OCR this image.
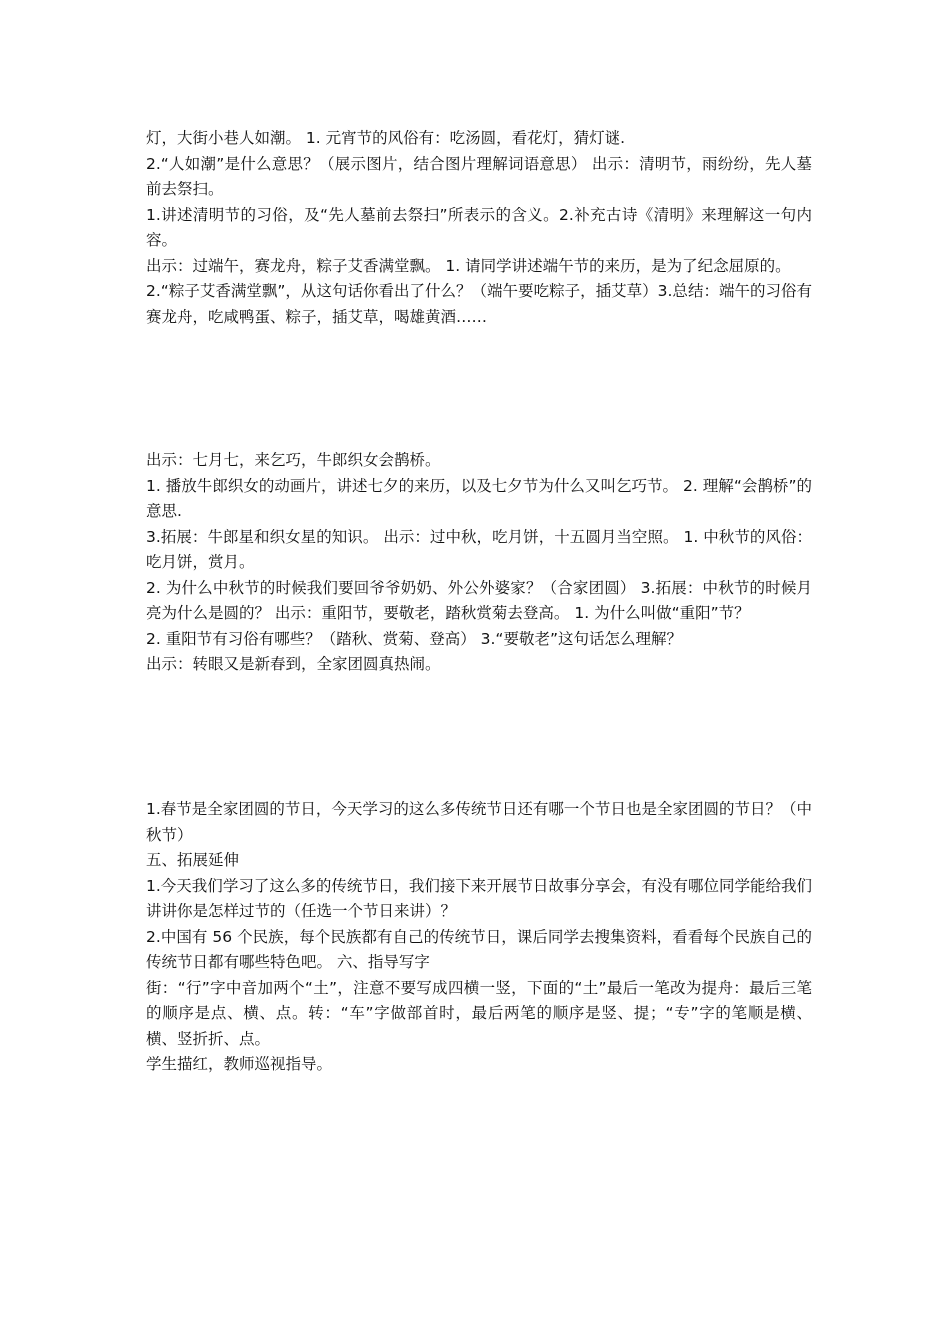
灯，大街小巷人如潮。 1. 元宵节的风俗有：吃汤圆，看花灯，猜灯谜.

2.“人如潮”是什么意思？（展示图片，结合图片理解词语意思） 出示：清明节，雨纷纷，先人墓前去祭扫。

1.讲述清明节的习俗，及“先人墓前去祭扫”所表示的含义。2.补充古诗《清明》来理解这一句内容。

出示：过端午，赛龙舟，粽子艾香满堂飘。 1. 请同学讲述端午节的来历，是为了纪念屈原的。

2.“粽子艾香满堂飘”，从这句话你看出了什么？（端午要吃粽子，插艾草）3.总结：端午的习俗有赛龙舟，吃咸鸭蛋、粽子，插艾草，喝雄黄酒……

出示：七月七，来乞巧，牛郎织女会鹊桥。

1. 播放牛郎织女的动画片，讲述七夕的来历，以及七夕节为什么又叫乞巧节。 2. 理解“会鹊桥”的意思.

3.拓展：牛郎星和织女星的知识。 出示：过中秋，吃月饼，十五圆月当空照。 1. 中秋节的风俗：吃月饼，赏月。

2. 为什么中秋节的时候我们要回爷爷奶奶、外公外婆家？（合家团圆） 3.拓展：中秋节的时候月亮为什么是圆的？ 出示：重阳节，要敬老，踏秋赏菊去登高。 1. 为什么叫做“重阳”节？

2. 重阳节有习俗有哪些？（踏秋、赏菊、登高） 3.“要敬老”这句话怎么理解？

出示：转眼又是新春到，全家团圆真热闹。

1.春节是全家团圆的节日，今天学习的这么多传统节日还有哪一个节日也是全家团圆的节日？（中秋节）

五、拓展延伸

1.今天我们学习了这么多的传统节日，我们接下来开展节日故事分享会，有没有哪位同学能给我们讲讲你是怎样过节的（任选一个节日来讲）？

2.中国有 56 个民族，每个民族都有自己的传统节日，课后同学去搜集资料，看看每个民族自己的传统节日都有哪些特色吧。 六、指导写字

街：“行”字中音加两个“土”，注意不要写成四横一竖，下面的“土”最后一笔改为提舟：最后三笔的顺序是点、横、点。转：“车”字做部首时，最后两笔的顺序是竖、提；“专”字的笔顺是横、横、竖折折、点。

学生描红，教师巡视指导。
